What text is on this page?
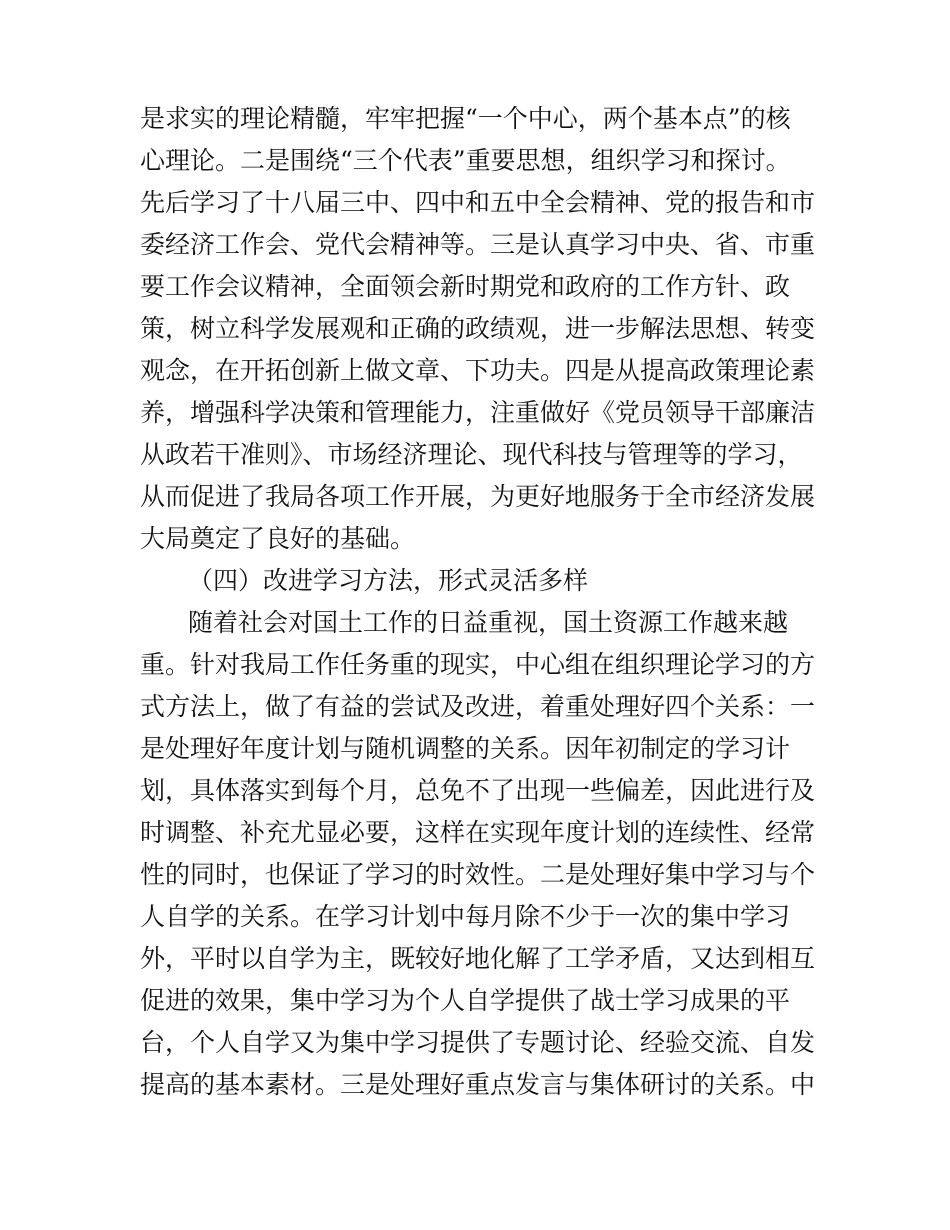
是求实的理论精髓，牢牢把握“一个中心，两个基本点”的核
心理论。二是围绕“三个代表”重要思想，组织学习和探讨。
先后学习了十八届三中、四中和五中全会精神、党的报告和市
委经济工作会、党代会精神等。三是认真学习中央、省、市重
要工作会议精神，全面领会新时期党和政府的工作方针、政
策，树立科学发展观和正确的政绩观，进一步解法思想、转变
观念，在开拓创新上做文章、下功夫。四是从提高政策理论素
养，增强科学决策和管理能力，注重做好《党员领导干部廉洁
从政若干准则》、市场经济理论、现代科技与管理等的学习，
从而促进了我局各项工作开展，为更好地服务于全市经济发展
大局奠定了良好的基础。
（四）改进学习方法，形式灵活多样
随着社会对国土工作的日益重视，国土资源工作越来越
重。针对我局工作任务重的现实，中心组在组织理论学习的方
式方法上，做了有益的尝试及改进，着重处理好四个关系：一
是处理好年度计划与随机调整的关系。因年初制定的学习计
划，具体落实到每个月，总免不了出现一些偏差，因此进行及
时调整、补充尤显必要，这样在实现年度计划的连续性、经常
性的同时，也保证了学习的时效性。二是处理好集中学习与个
人自学的关系。在学习计划中每月除不少于一次的集中学习
外，平时以自学为主，既较好地化解了工学矛盾，又达到相互
促进的效果，集中学习为个人自学提供了战士学习成果的平
台，个人自学又为集中学习提供了专题讨论、经验交流、自发
提高的基本素材。三是处理好重点发言与集体研讨的关系。中
